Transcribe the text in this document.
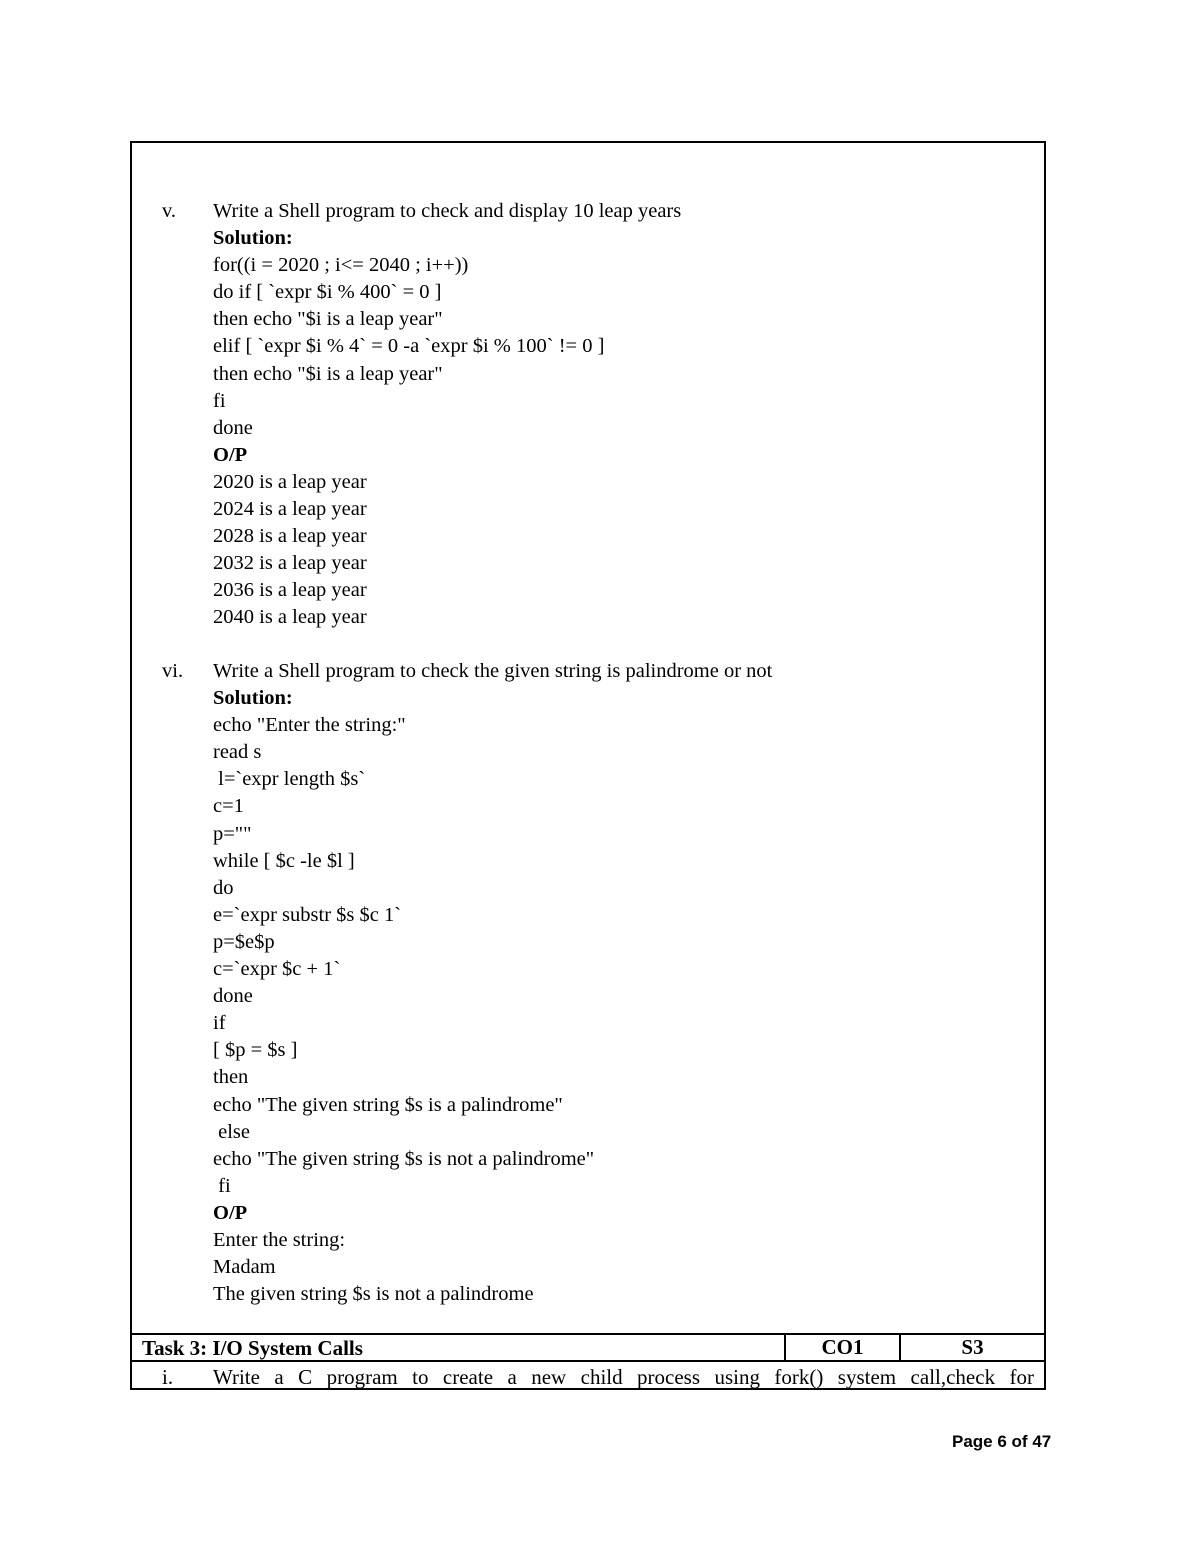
v. Write a Shell program to check and display 10 leap years
Solution:
for((i = 2020 ; i<= 2040 ; i++))
do if [ `expr $i % 400` = 0 ]
then echo "$i is a leap year"
elif [ `expr $i % 4` = 0 -a `expr $i % 100` != 0 ]
then echo "$i is a leap year"
fi
done
O/P
2020 is a leap year
2024 is a leap year
2028 is a leap year
2032 is a leap year
2036 is a leap year
2040 is a leap year
vi. Write a Shell program to check the given string is palindrome or not
Solution:
echo "Enter the string:"
read s
l=`expr length $s`
c=1
p=""
while [ $c -le $l ]
do
e=`expr substr $s $c 1`
p=$e$p
c=`expr $c + 1`
done
if
[ $p = $s ]
then
echo "The given string $s is a palindrome"
else
echo "The given string $s is not a palindrome"
fi
O/P
Enter the string:
Madam
The given string $s is not a palindrome
Task 3: I/O System Calls	CO1	S3
i. Write a C program to create a new child process using fork() system call,check for
Page 6 of 47
